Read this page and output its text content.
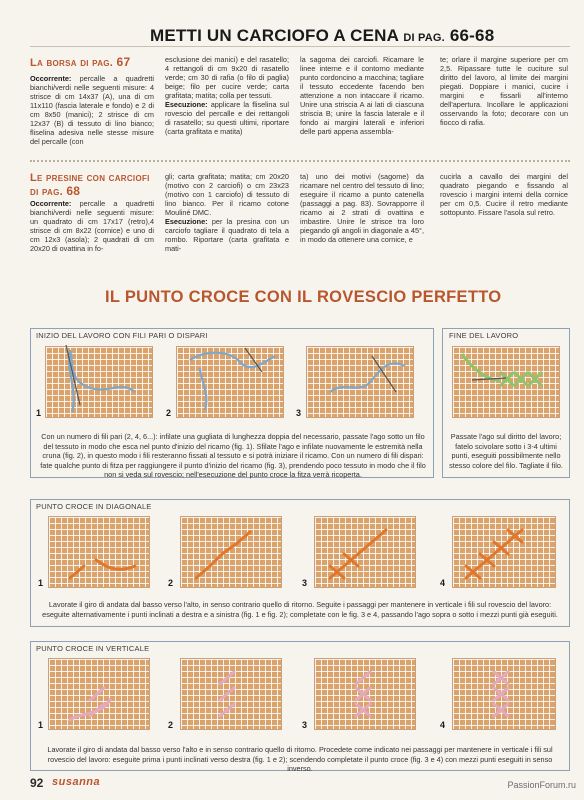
METTI UN CARCIOFO A CENA DI PAG. 66-68
La borsa di pag. 67
Occorrente: percalle a quadretti bianchi/verdi nelle seguenti misure: 4 strisce di cm 14x37 (A), una di cm 11x110 (fascia laterale e fondo) e 2 di cm 8x50 (manici); 2 strisce di cm 12x37 (B) di tessuto di lino bianco; fliselina adesiva nelle stesse misure del percalle (con
esclusione dei manici) e del rasatello; 4 rettangoli di cm 9x20 di rasatello verde; cm 30 di rafia (o filo di paglia) beige; filo per cucire verde; carta grafitata; matita; colla per tessuti.
Esecuzione: applicare la fliselina sul rovescio del percalle e dei rettangoli di rasatello; su questi ultimi, riportare (carta grafitata e matita)
la sagoma dei carciofi. Ricamare le linee interne e il contorno mediante punto cordoncino a macchina; tagliare il tessuto eccedente facendo ben attenzione a non intaccare il ricamo. Unire una striscia A ai lati di ciascuna striscia B; unire la fascia laterale e il fondo ai margini laterali e inferiori delle parti appena assembla-
te; orlare il margine superiore per cm 2,5. Ripassare tutte le cuciture sul diritto del lavoro, al limite dei margini piegati. Doppiare i manici, cucire i margini e fissarli all'interno dell'apertura. Incollare le applicazioni osservando la foto; decorare con un fiocco di rafia.
Le presine con carciofi di pag. 68
Occorrente: percalle a quadretti bianchi/verdi nelle seguenti misure: un quadrato di cm 17x17 (retro),4 strisce di cm 8x22 (cornice) e uno di cm 12x3 (asola); 2 quadrati di cm 20x20 di ovattina in fo-
gli; carta grafitata; matita; cm 20x20 (motivo con 2 carciofi) o cm 23x23 (motivo con 1 carciofo) di tessuto di lino bianco. Per il ricamo cotone Mouliné DMC.
Esecuzione: per la presina con un carciofo tagliare il quadrato di tela a rombo. Riportare (carta grafitata e mati-
ta) uno dei motivi (sagome) da ricamare nel centro del tessuto di lino; eseguire il ricamo a punto catenella (passaggi a pag. 83). Sovrapporre il ricamo ai 2 strati di ovattina e imbastire. Unire le strisce tra loro piegando gli angoli in diagonale a 45°, in modo da ottenere una cornice, e
cucirla a cavallo dei margini del quadrato piegando e fissando al rovescio i margini interni della cornice per cm 0,5. Cucire il retro mediante sottopunto. Fissare l'asola sul retro.
IL PUNTO CROCE CON IL ROVESCIO PERFETTO
INIZIO DEL LAVORO CON FILI PARI O DISPARI
1	2	3
Con un numero di fili pari (2, 4, 6...): infilate una gugliata di lunghezza doppia del necessario, passate l'ago sotto un filo del tessuto in modo che esca nel punto d'inizio del ricamo (fig. 1). Sfilate l'ago e infilate nuovamente le estremità nella cruna (fig. 2), in questo modo i fili resteranno fissati al tessuto e si potrà iniziare il ricamo. Con un numero di fili dispari: fate qualche punto di fitza per raggiungere il punto d'inizio del ricamo (fig. 3), prendendo poco tessuto in modo che il filo non si veda sul rovescio; nell'esecuzione del punto croce la fitza verrà ricoperta.
FINE DEL LAVORO
Passate l'ago sul diritto del lavoro; fatelo scivolare sotto i 3-4 ultimi punti, eseguiti possibilmente nello stesso colore del filo. Tagliate il filo.
PUNTO CROCE IN DIAGONALE
1	2	3	4
Lavorate il giro di andata dal basso verso l'alto, in senso contrario quello di ritorno. Seguite i passaggi per mantenere in verticale i fili sul rovescio del lavoro: eseguite alternativamente i punti inclinati a destra e a sinistra (fig. 1 e fig. 2); completate con le fig. 3 e 4, passando l'ago sopra o sotto i mezzi punti già eseguiti.
PUNTO CROCE IN VERTICALE
1	2	3	4
Lavorate il giro di andata dal basso verso l'alto e in senso contrario quello di ritorno. Procedete come indicato nei passaggi per mantenere in verticale i fili sul rovescio del lavoro: eseguite prima i punti inclinati verso destra (fig. 1 e 2); scendendo completate il punto croce (fig. 3 e 4) con mezzi punti eseguiti in senso inverso.
92 susanna	PassionForum.ru
